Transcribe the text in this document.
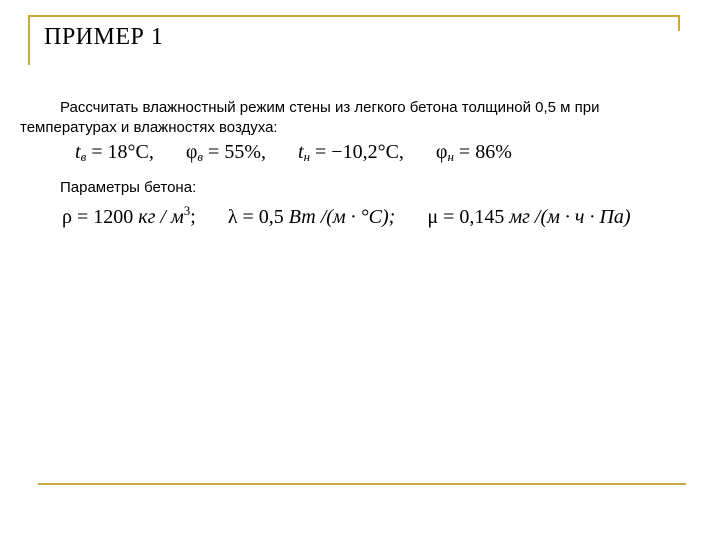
ПРИМЕР 1

Рассчитать влажностный режим стены из легкого бетона толщиной 0,5 м при температурах и влажностях воздуха:

$t_в = 18^\circ C$, $\varphi_в = 55\%$, $t_н = -10,2^\circ C$, $\varphi_н = 86\%$

Параметры бетона:

ρ = 1200 кг / $м^3$; λ = 0,5 Вт /(м · °С); μ = 0,145 мг /(м · ч · Па)
